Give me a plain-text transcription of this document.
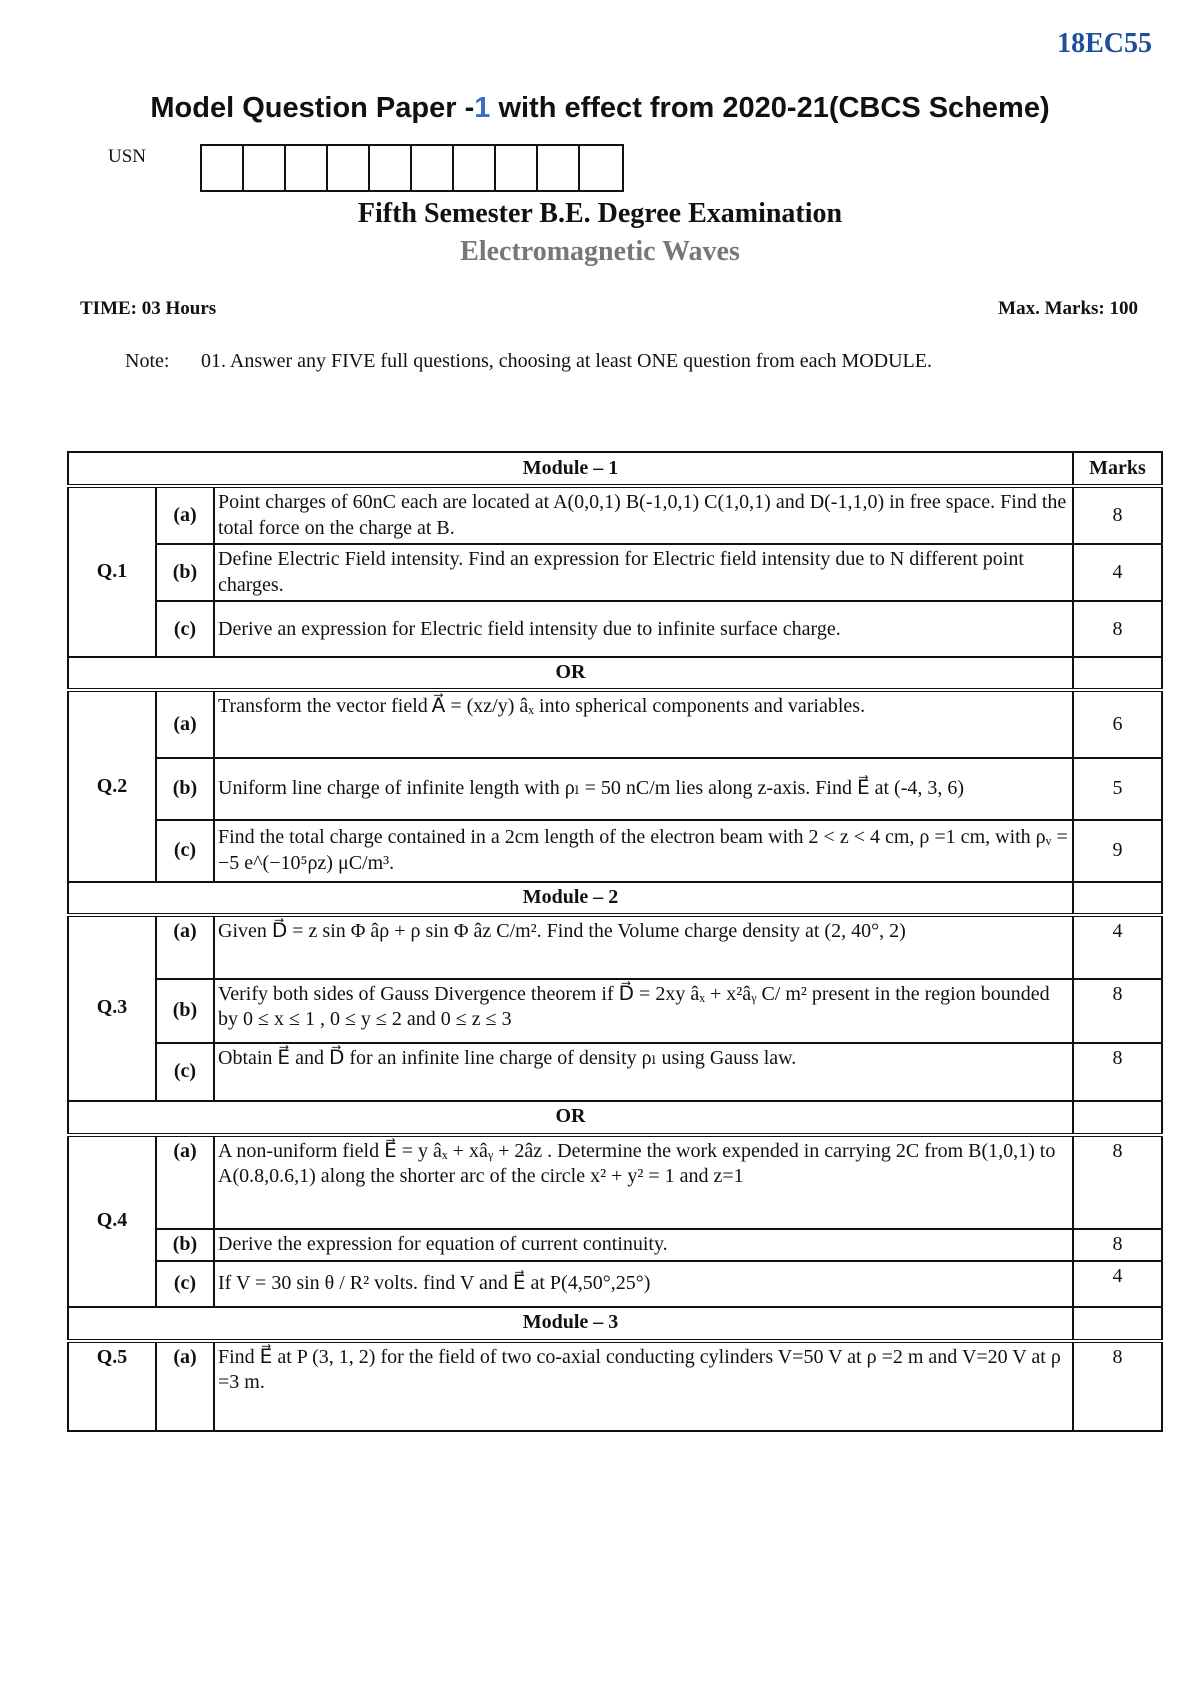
18EC55
Model Question Paper -1 with effect from 2020-21(CBCS Scheme)
USN
Fifth Semester B.E. Degree Examination
Electromagnetic Waves
TIME: 03 Hours	Max. Marks: 100
Note: 01. Answer any FIVE full questions, choosing at least ONE question from each MODULE.
Module – 1			Marks
Q.1	(a)	Point charges of 60nC each are located at A(0,0,1) B(-1,0,1) C(1,0,1) and D(-1,1,0) in free space. Find the total force on the charge at B.	8
	(b)	Define Electric Field intensity. Find an expression for Electric field intensity due to N different point charges.	4
	(c)	Derive an expression for Electric field intensity due to infinite surface charge.	8
OR			
Q.2	(a)	Transform the vector field A⃗ = (xz/y) âₓ into spherical components and variables.	6
	(b)	Uniform line charge of infinite length with ρₗ = 50 nC/m lies along z-axis. Find E⃗ at (-4, 3, 6)	5
	(c)	Find the total charge contained in a 2cm length of the electron beam with 2 < z < 4 cm, ρ =1 cm, with ρᵥ = −5 e^(−10⁵ρz) μC/m³.	9
Module – 2			
Q.3	(a)	Given D⃗ = z sin Φ âρ + ρ sin Φ âz C/m². Find the Volume charge density at (2, 40°, 2)	4
	(b)	Verify both sides of Gauss Divergence theorem if D⃗ = 2xy âₓ + x²âᵧ C/ m² present in the region bounded by 0 ≤ x ≤ 1 , 0 ≤ y ≤ 2 and 0 ≤ z ≤ 3	8
	(c)	Obtain E⃗ and D⃗ for an infinite line charge of density ρₗ using Gauss law.	8
OR			
Q.4	(a)	A non-uniform field E⃗ = y âₓ + xâᵧ + 2âz . Determine the work expended in carrying 2C from B(1,0,1) to A(0.8,0.6,1) along the shorter arc of the circle x² + y² = 1 and z=1	8
	(b)	Derive the expression for equation of current continuity.	8
	(c)	If V = 30 sin θ / R² volts. find V and E⃗ at P(4,50°,25°)	4
Module – 3			
Q.5	(a)	Find E⃗ at P (3, 1, 2) for the field of two co-axial conducting cylinders V=50 V at ρ =2 m and V=20 V at ρ =3 m.	8
